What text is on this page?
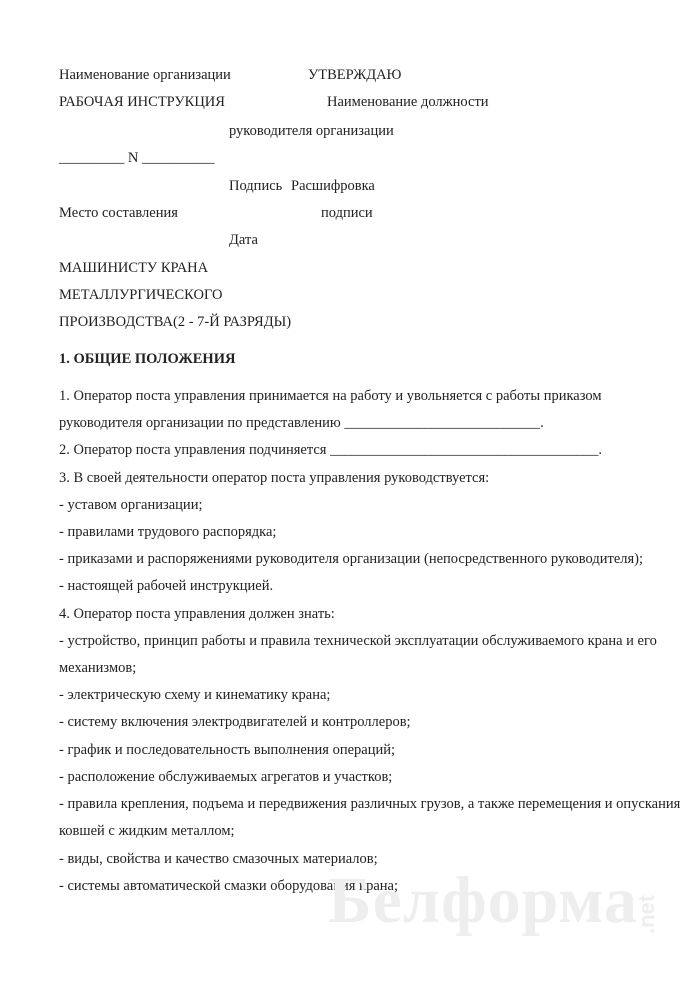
Наименование организации	УТВЕРЖДАЮ
РАБОЧАЯ ИНСТРУКЦИЯ	Наименование должности
руководителя организации
_________ N __________
Подпись Расшифровка
Место составления	подписи
Дата
МАШИНИСТУ КРАНА
МЕТАЛЛУРГИЧЕСКОГО
ПРОИЗВОДСТВА(2 - 7-Й РАЗРЯДЫ)
1. ОБЩИЕ ПОЛОЖЕНИЯ
1. Оператор поста управления принимается на работу и увольняется с работы приказом
руководителя организации по представлению ___________________________.
2. Оператор поста управления подчиняется _____________________________________.
3. В своей деятельности оператор поста управления руководствуется:
- уставом организации;
- правилами трудового распорядка;
- приказами и распоряжениями руководителя организации (непосредственного руководителя);
- настоящей рабочей инструкцией.
4. Оператор поста управления должен знать:
- устройство, принцип работы и правила технической эксплуатации обслуживаемого крана и его
механизмов;
- электрическую схему и кинематику крана;
- систему включения электродвигателей и контроллеров;
- график и последовательность выполнения операций;
- расположение обслуживаемых агрегатов и участков;
- правила крепления, подъема и передвижения различных грузов, а также перемещения и опускания
ковшей с жидким металлом;
- виды, свойства и качество смазочных материалов;
- системы автоматической смазки оборудования крана;
Белформа
.net
